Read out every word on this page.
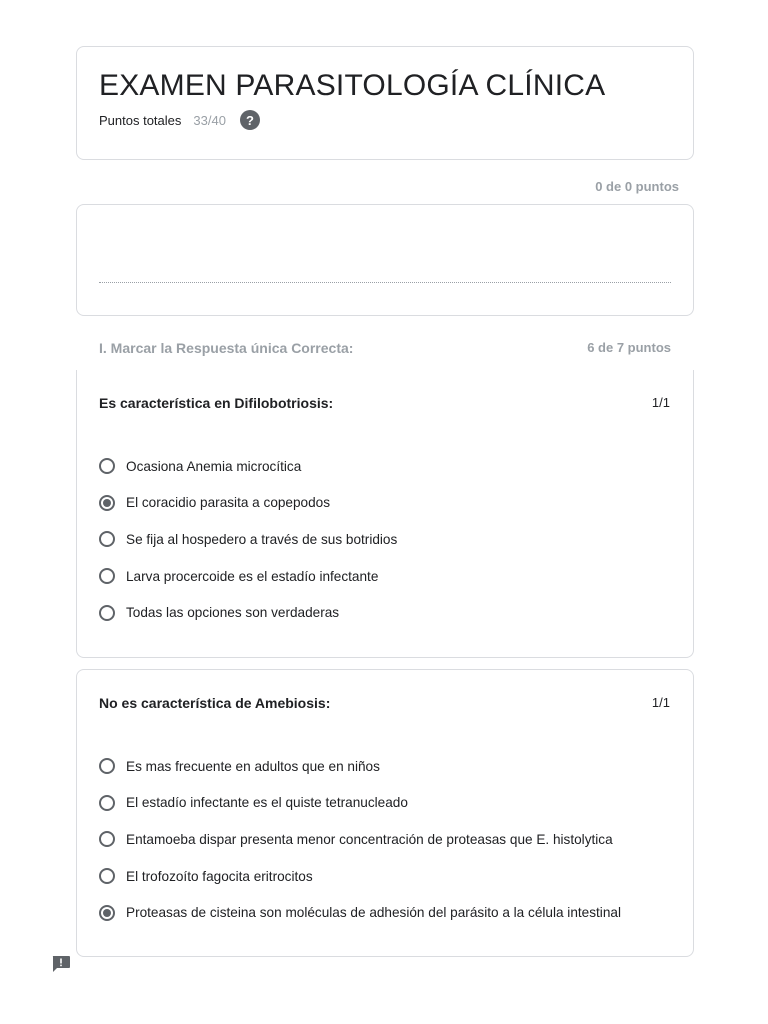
EXAMEN PARASITOLOGÍA CLÍNICA
Puntos totales 33/40	?
0 de 0 puntos
I. Marcar la Respuesta única Correcta:	6 de 7 puntos
Es característica en Difilobotriosis:	1/1
Ocasiona Anemia microcítica
El coracidio parasita a copepodos
Se fija al hospedero a través de sus botridios
Larva procercoide es el estadío infectante
Todas las opciones son verdaderas
No es característica de Amebiosis:	1/1
Es mas frecuente en adultos que en niños
El estadío infectante es el quiste tetranucleado
Entamoeba dispar presenta menor concentración de proteasas que E. histolytica
El trofozoíto fagocita eritrocitos
Proteasas de cisteina son moléculas de adhesión del parásito a la célula intestinal
